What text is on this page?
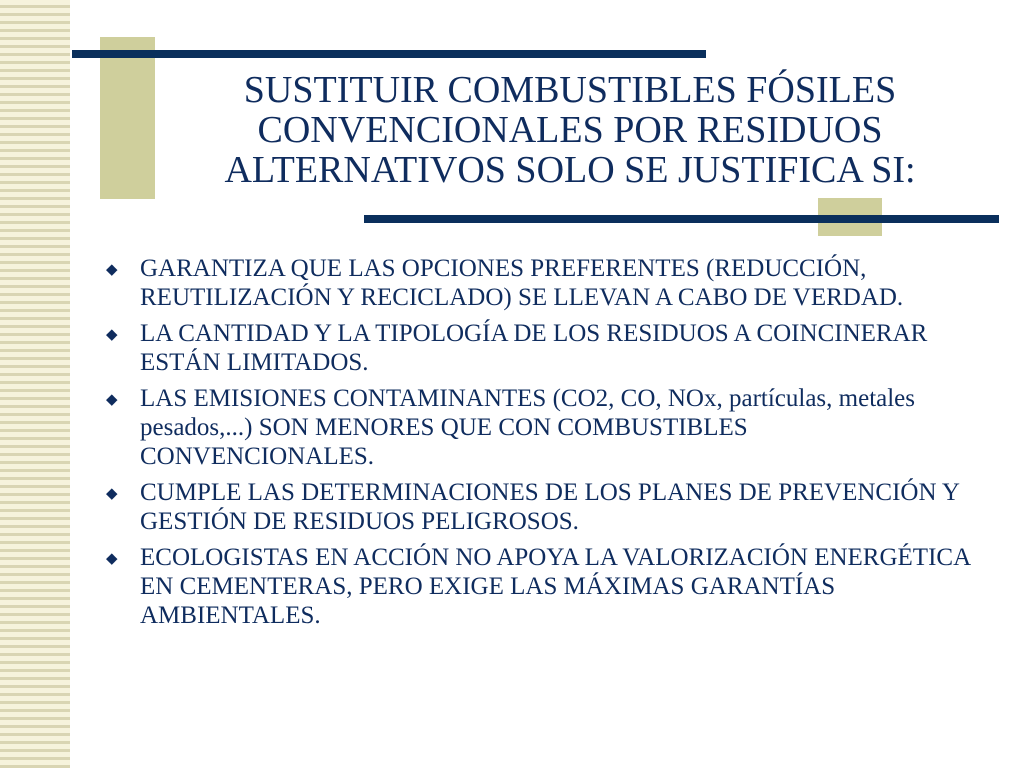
SUSTITUIR COMBUSTIBLES FÓSILES
CONVENCIONALES POR RESIDUOS
ALTERNATIVOS SOLO SE JUSTIFICA SI:
◆ GARANTIZA QUE LAS OPCIONES PREFERENTES (REDUCCIÓN, REUTILIZACIÓN Y RECICLADO) SE LLEVAN A CABO DE VERDAD.
◆ LA CANTIDAD Y LA TIPOLOGÍA DE LOS RESIDUOS A COINCINERAR ESTÁN LIMITADOS.
◆ LAS EMISIONES CONTAMINANTES (CO2, CO, NOx, partículas, metales pesados,...) SON MENORES QUE CON COMBUSTIBLES CONVENCIONALES.
◆ CUMPLE LAS DETERMINACIONES DE LOS PLANES DE PREVENCIÓN Y GESTIÓN DE RESIDUOS PELIGROSOS.
◆ ECOLOGISTAS EN ACCIÓN NO APOYA LA VALORIZACIÓN ENERGÉTICA EN CEMENTERAS, PERO EXIGE LAS MÁXIMAS GARANTÍAS AMBIENTALES.
